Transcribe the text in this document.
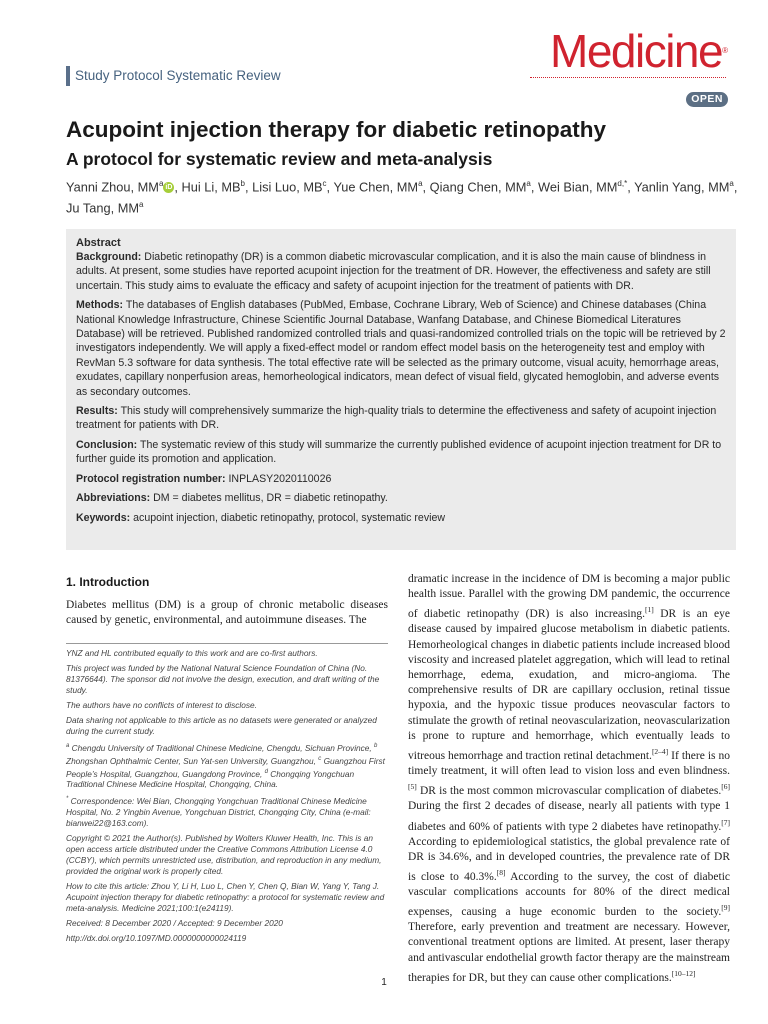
Study Protocol Systematic Review	Medicine®
OPEN
Acupoint injection therapy for diabetic retinopathy
A protocol for systematic review and meta-analysis
Yanni Zhou, $MM^a$ iD , Hui Li, $MB^b$, Lisi Luo, $MB^c$, Yue Chen, $MM^a$, Qiang Chen, $MM^a$, Wei Bian, $MM^{d,*}$, Yanlin Yang, $MM^a$, Ju Tang, $MM^a$
Abstract

Background: Diabetic retinopathy (DR) is a common diabetic microvascular complication, and it is also the main cause of blindness in adults. At present, some studies have reported acupoint injection for the treatment of DR. However, the effectiveness and safety are still uncertain. This study aims to evaluate the efficacy and safety of acupoint injection for the treatment of patients with DR.

Methods: The databases of English databases (PubMed, Embase, Cochrane Library, Web of Science) and Chinese databases (China National Knowledge Infrastructure, Chinese Scientific Journal Database, Wanfang Database, and Chinese Biomedical Literatures Database) will be retrieved. Published randomized controlled trials and quasi-randomized controlled trials on the topic will be retrieved by 2 investigators independently. We will apply a fixed-effect model or random effect model basis on the heterogeneity test and employ with RevMan 5.3 software for data synthesis. The total effective rate will be selected as the primary outcome, visual acuity, hemorrhage areas, exudates, capillary nonperfusion areas, hemorheological indicators, mean defect of visual field, glycated hemoglobin, and adverse events as secondary outcomes.

Results: This study will comprehensively summarize the high-quality trials to determine the effectiveness and safety of acupoint injection treatment for patients with DR.

Conclusion: The systematic review of this study will summarize the currently published evidence of acupoint injection treatment for DR to further guide its promotion and application.

Protocol registration number: INPLASY2020110026

Abbreviations: DM = diabetes mellitus, DR = diabetic retinopathy.

Keywords: acupoint injection, diabetic retinopathy, protocol, systematic review

1. Introduction
Diabetes mellitus (DM) is a group of chronic metabolic diseases caused by genetic, environmental, and autoimmune diseases. The

YNZ and HL contributed equally to this work and are co-first authors.

This project was funded by the National Natural Science Foundation of China (No. 81376644). The sponsor did not involve the design, execution, and draft writing of the study.

The authors have no conflicts of interest to disclose.

Data sharing not applicable to this article as no datasets were generated or analyzed during the current study.

$^a$ Chengdu University of Traditional Chinese Medicine, Chengdu, Sichuan Province, $^b$ Zhongshan Ophthalmic Center, Sun Yat-sen University, Guangzhou, $^c$ Guangzhou First People’s Hospital, Guangzhou, Guangdong Province, $^d$ Chongqing Yongchuan Traditional Chinese Medicine Hospital, Chongqing, China.

* Correspondence: Wei Bian, Chongqing Yongchuan Traditional Chinese Medicine Hospital, No. 2 Yingbin Avenue, Yongchuan District, Chongqing City, China (e-mail: bianwei22@163.com).

Copyright © 2021 the Author(s). Published by Wolters Kluwer Health, Inc. This is an open access article distributed under the Creative Commons Attribution License 4.0 (CCBY), which permits unrestricted use, distribution, and reproduction in any medium, provided the original work is properly cited.

How to cite this article: Zhou Y, Li H, Luo L, Chen Y, Chen Q, Bian W, Yang Y, Tang J. Acupoint injection therapy for diabetic retinopathy: a protocol for systematic review and meta-analysis. Medicine 2021;100:1(e24119).

Received: 8 December 2020 / Accepted: 9 December 2020

http://dx.doi.org/10.1097/MD.0000000000024119

dramatic increase in the incidence of DM is becoming a major public health issue. Parallel with the growing DM pandemic, the occurrence of diabetic retinopathy (DR) is also increasing.[1] DR is an eye disease caused by impaired glucose metabolism in diabetic patients. Hemorheological changes in diabetic patients include increased blood viscosity and increased platelet aggregation, which will lead to retinal hemorrhage, edema, exudation, and micro-angioma. The comprehensive results of DR are capillary occlusion, retinal tissue hypoxia, and the hypoxic tissue produces neovascular factors to stimulate the growth of retinal neovascularization, neovascularization is prone to rupture and hemorrhage, which eventually leads to vitreous hemorrhage and traction retinal detachment.[2–4] If there is no timely treatment, it will often lead to vision loss and even blindness.[5] DR is the most common microvascular complication of diabetes.[6] During the first 2 decades of disease, nearly all patients with type 1 diabetes and 60% of patients with type 2 diabetes have retinopathy.[7] According to epidemiological statistics, the global prevalence rate of DR is 34.6%, and in developed countries, the prevalence rate of DR is close to 40.3%.[8] According to the survey, the cost of diabetic vascular complications accounts for 80% of the direct medical expenses, causing a huge economic burden to the society.[9] Therefore, early prevention and treatment are necessary. However, conventional treatment options are limited. At present, laser therapy and antivascular endothelial growth factor therapy are the mainstream therapies for DR, but they can cause other complications.[10–12]
1
